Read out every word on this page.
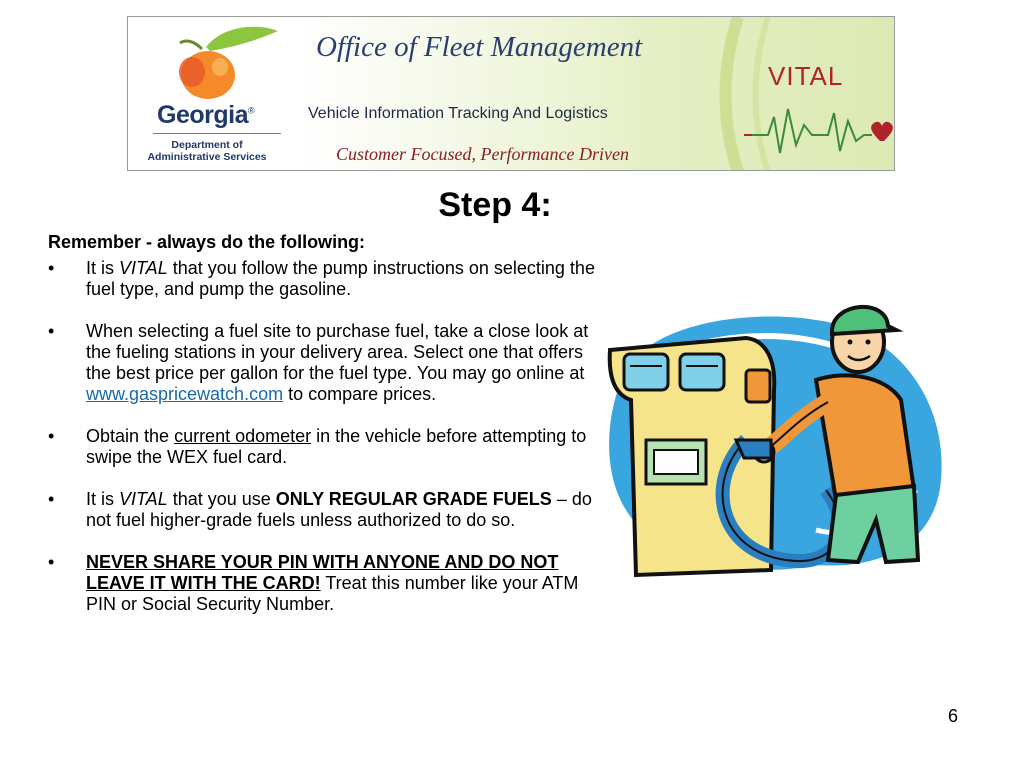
Georgia®
Department of
Administrative Services
Office of Fleet Management
Vehicle Information Tracking And Logistics
Customer Focused, Performance Driven
VITAL
Step 4:

Remember - always do the following:

• It is VITAL that you follow the pump instructions on selecting the fuel type, and pump the gasoline.
• When selecting a fuel site to purchase fuel, take a close look at the fueling stations in your delivery area. Select one that offers the best price per gallon for the fuel type. You may go online at www.gaspricewatch.com to compare prices.
• Obtain the current odometer in the vehicle before attempting to swipe the WEX fuel card.
• It is VITAL that you use ONLY REGULAR GRADE FUELS – do not fuel higher-grade fuels unless authorized to do so.
• NEVER SHARE YOUR PIN WITH ANYONE AND DO NOT LEAVE IT WITH THE CARD! Treat this number like your ATM PIN or Social Security Number.
6
